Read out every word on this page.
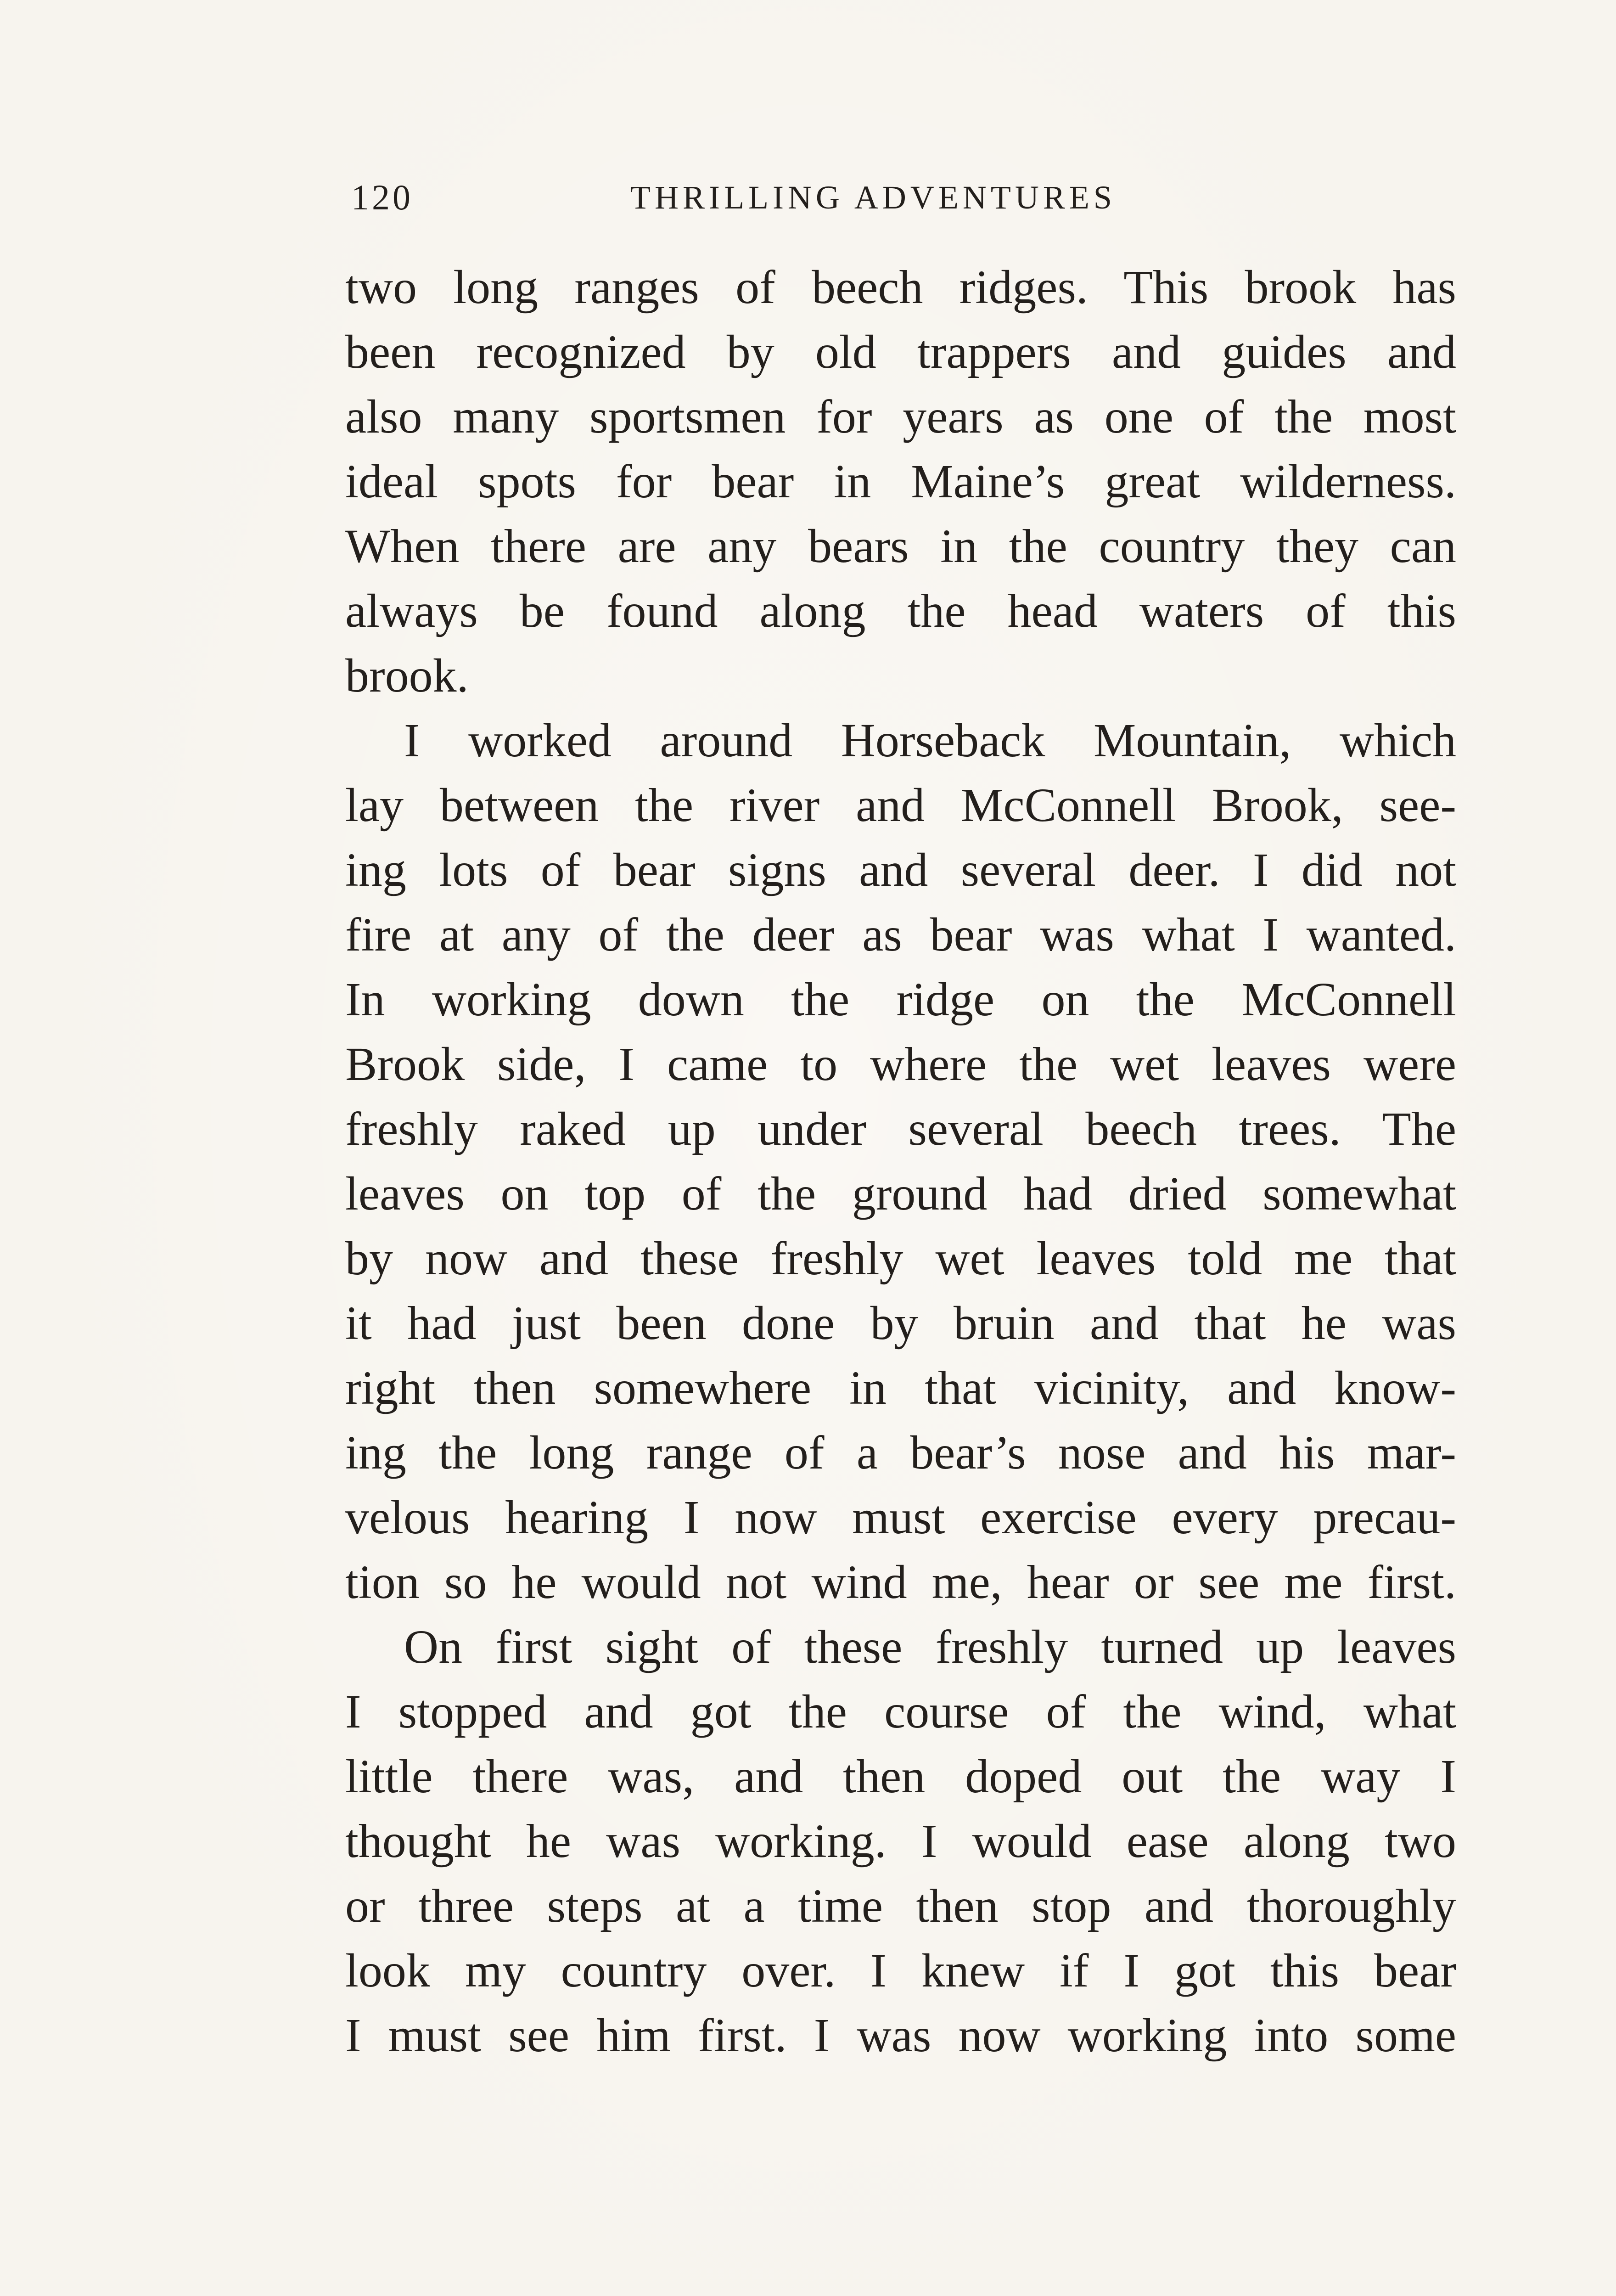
120	THRILLING ADVENTURES
two long ranges of beech ridges. This brook has
been recognized by old trappers and guides and
also many sportsmen for years as one of the most
ideal spots for bear in Maine’s great wilderness.
When there are any bears in the country they can
always be found along the head waters of this
brook.
I worked around Horseback Mountain, which
lay between the river and McConnell Brook, see-
ing lots of bear signs and several deer. I did not
fire at any of the deer as bear was what I wanted.
In working down the ridge on the McConnell
Brook side, I came to where the wet leaves were
freshly raked up under several beech trees. The
leaves on top of the ground had dried somewhat
by now and these freshly wet leaves told me that
it had just been done by bruin and that he was
right then somewhere in that vicinity, and know-
ing the long range of a bear’s nose and his mar-
velous hearing I now must exercise every precau-
tion so he would not wind me, hear or see me first.
On first sight of these freshly turned up leaves
I stopped and got the course of the wind, what
little there was, and then doped out the way I
thought he was working. I would ease along two
or three steps at a time then stop and thoroughly
look my country over. I knew if I got this bear
I must see him first. I was now working into some
